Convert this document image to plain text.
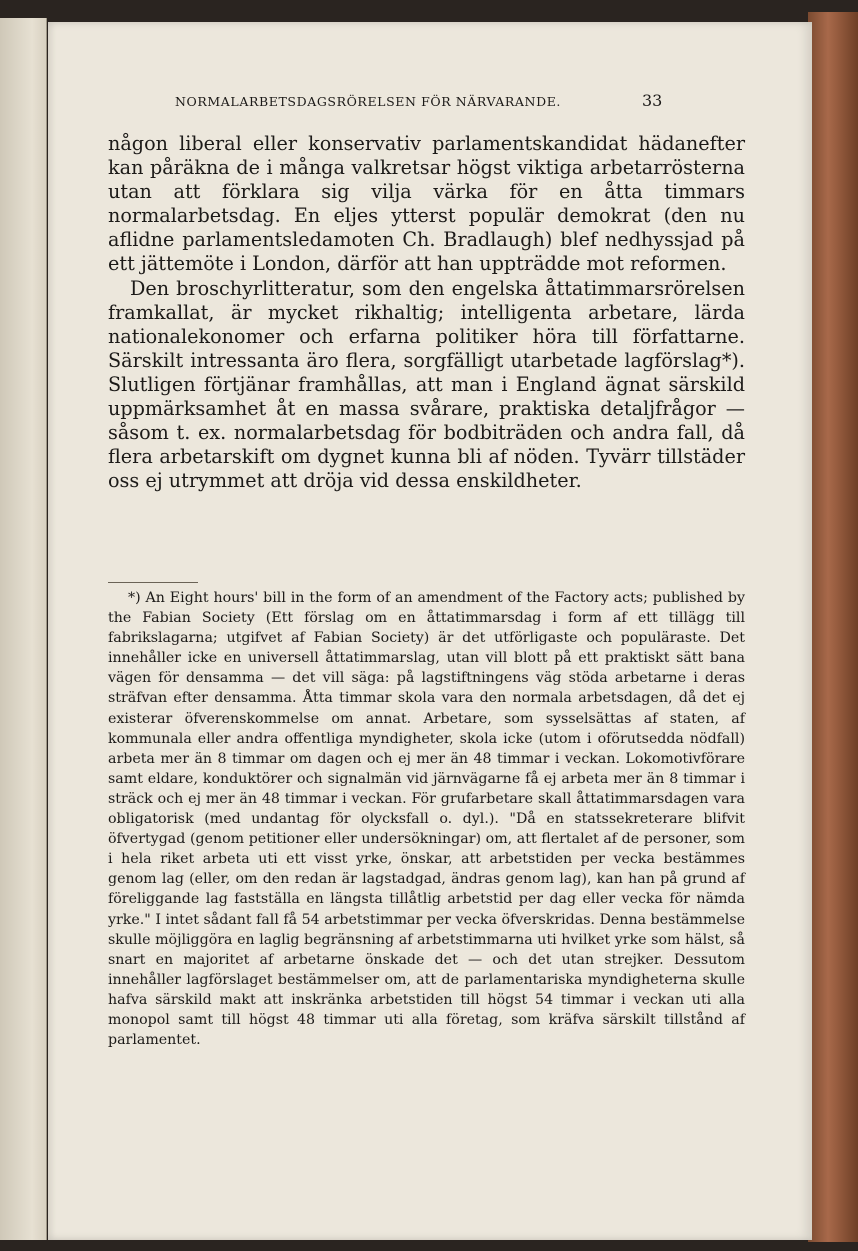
NORMALARBETSDAGSRÖRELSEN FÖR NÄRVARANDE.	33

någon liberal eller konservativ parlamentskandidat hädanefter kan påräkna de i många valkretsar högst viktiga arbetarrösterna utan att förklara sig vilja värka för en åtta timmars normalarbetsdag. En eljes ytterst populär demokrat (den nu aflidne parlamentsledamoten Ch. Bradlaugh) blef nedhyssjad på ett jättemöte i London, därför att han uppträdde mot reformen.

Den broschyrlitteratur, som den engelska åttatimmarsrörelsen framkallat, är mycket rikhaltig; intelligenta arbetare, lärda nationalekonomer och erfarna politiker höra till författarne. Särskilt intressanta äro flera, sorgfälligt utarbetade lagförslag*). Slutligen förtjänar framhållas, att man i England ägnat särskild uppmärksamhet åt en massa svårare, praktiska detaljfrågor — såsom t. ex. normalarbetsdag för bodbiträden och andra fall, då flera arbetarskift om dygnet kunna bli af nöden. Tyvärr tillstäder oss ej utrymmet att dröja vid dessa enskildheter.

*) An Eight hours' bill in the form of an amendment of the Factory acts; published by the Fabian Society (Ett förslag om en åttatimmarsdag i form af ett tillägg till fabrikslagarna; utgifvet af Fabian Society) är det utförligaste och populäraste. Det innehåller icke en universell åttatimmarslag, utan vill blott på ett praktiskt sätt bana vägen för densamma — det vill säga: på lagstiftningens väg stöda arbetarne i deras sträfvan efter densamma. Åtta timmar skola vara den normala arbetsdagen, då det ej existerar öfverenskommelse om annat. Arbetare, som sysselsättas af staten, af kommunala eller andra offentliga myndigheter, skola icke (utom i oförutsedda nödfall) arbeta mer än 8 timmar om dagen och ej mer än 48 timmar i veckan. Lokomotivförare samt eldare, konduktörer och signalmän vid järnvägarne få ej arbeta mer än 8 timmar i sträck och ej mer än 48 timmar i veckan. För grufarbetare skall åttatimmarsdagen vara obligatorisk (med undantag för olycksfall o. dyl.). "Då en statssekreterare blifvit öfvertygad (genom petitioner eller undersökningar) om, att flertalet af de personer, som i hela riket arbeta uti ett visst yrke, önskar, att arbetstiden per vecka bestämmes genom lag (eller, om den redan är lagstadgad, ändras genom lag), kan han på grund af föreliggande lag fastställa en längsta tillåtlig arbetstid per dag eller vecka för nämda yrke." I intet sådant fall få 54 arbetstimmar per vecka öfverskridas. Denna bestämmelse skulle möjliggöra en laglig begränsning af arbetstimmarna uti hvilket yrke som hälst, så snart en majoritet af arbetarne önskade det — och det utan strejker. Dessutom innehåller lagförslaget bestämmelser om, att de parlamentariska myndigheterna skulle hafva särskild makt att inskränka arbetstiden till högst 54 timmar i veckan uti alla monopol samt till högst 48 timmar uti alla företag, som kräfva särskilt tillstånd af parlamentet.
